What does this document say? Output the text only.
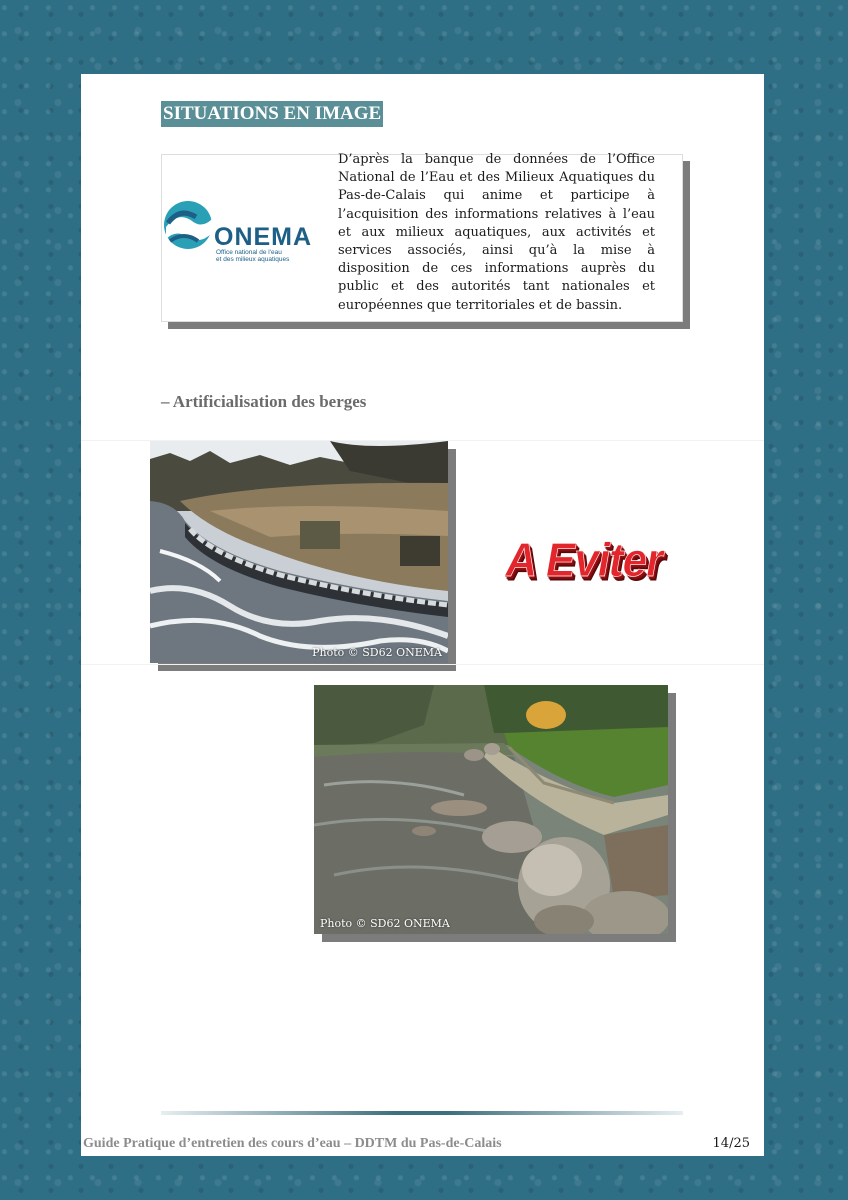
SITUATIONS EN IMAGE
ONEMA
Office national de l'eau
et des milieux aquatiques

D’après la banque de données de l’Office National de l’Eau et des Milieux Aquatiques du Pas-de-Calais qui anime et participe à l’acquisition des informations relatives à l’eau et aux milieux aquatiques, aux activités et services associés, ainsi qu’à la mise à disposition de ces informations auprès du public et des autorités tant nationales et européennes que territoriales et de bassin.

– Artificialisation des berges
Photo © SD62 ONEMA
A Eviter
Photo © SD62 ONEMA
Guide Pratique d’entretien des cours d’eau – DDTM du Pas-de-Calais	14/25
